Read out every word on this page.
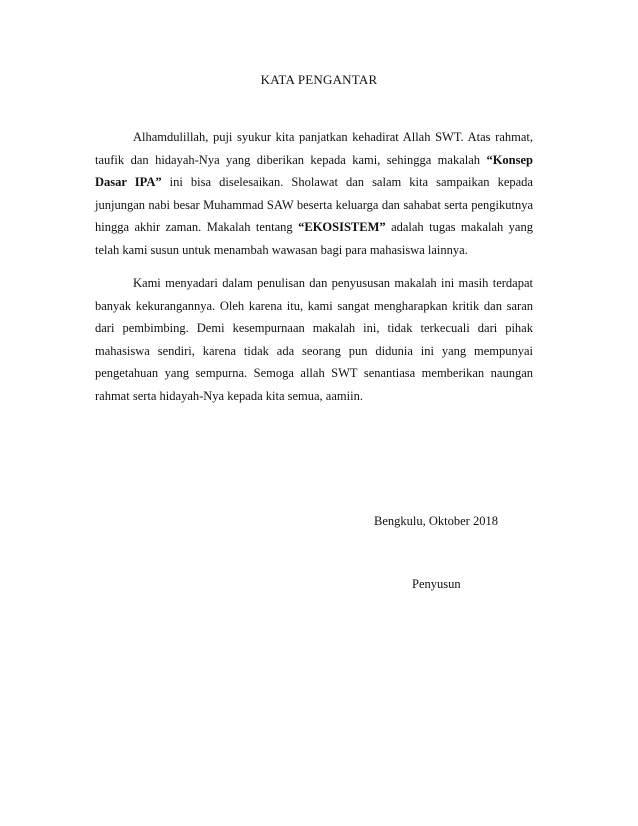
KATA PENGANTAR

Alhamdulillah, puji syukur kita panjatkan kehadirat Allah SWT. Atas rahmat, taufik dan hidayah-Nya yang diberikan kepada kami, sehingga makalah “Konsep Dasar IPA” ini bisa diselesaikan. Sholawat dan salam kita sampaikan kepada junjungan nabi besar Muhammad SAW beserta keluarga dan sahabat serta pengikutnya hingga akhir zaman. Makalah tentang “EKOSISTEM” adalah tugas makalah yang telah kami susun untuk menambah wawasan bagi para mahasiswa lainnya.

Kami menyadari dalam penulisan dan penyususan makalah ini masih terdapat banyak kekurangannya. Oleh karena itu, kami sangat mengharapkan kritik dan saran dari pembimbing. Demi kesempurnaan makalah ini, tidak terkecuali dari pihak mahasiswa sendiri, karena tidak ada seorang pun didunia ini yang mempunyai pengetahuan yang sempurna. Semoga allah SWT senantiasa memberikan naungan rahmat serta hidayah-Nya kepada kita semua, aamiin.

Bengkulu, Oktober 2018
Penyusun
